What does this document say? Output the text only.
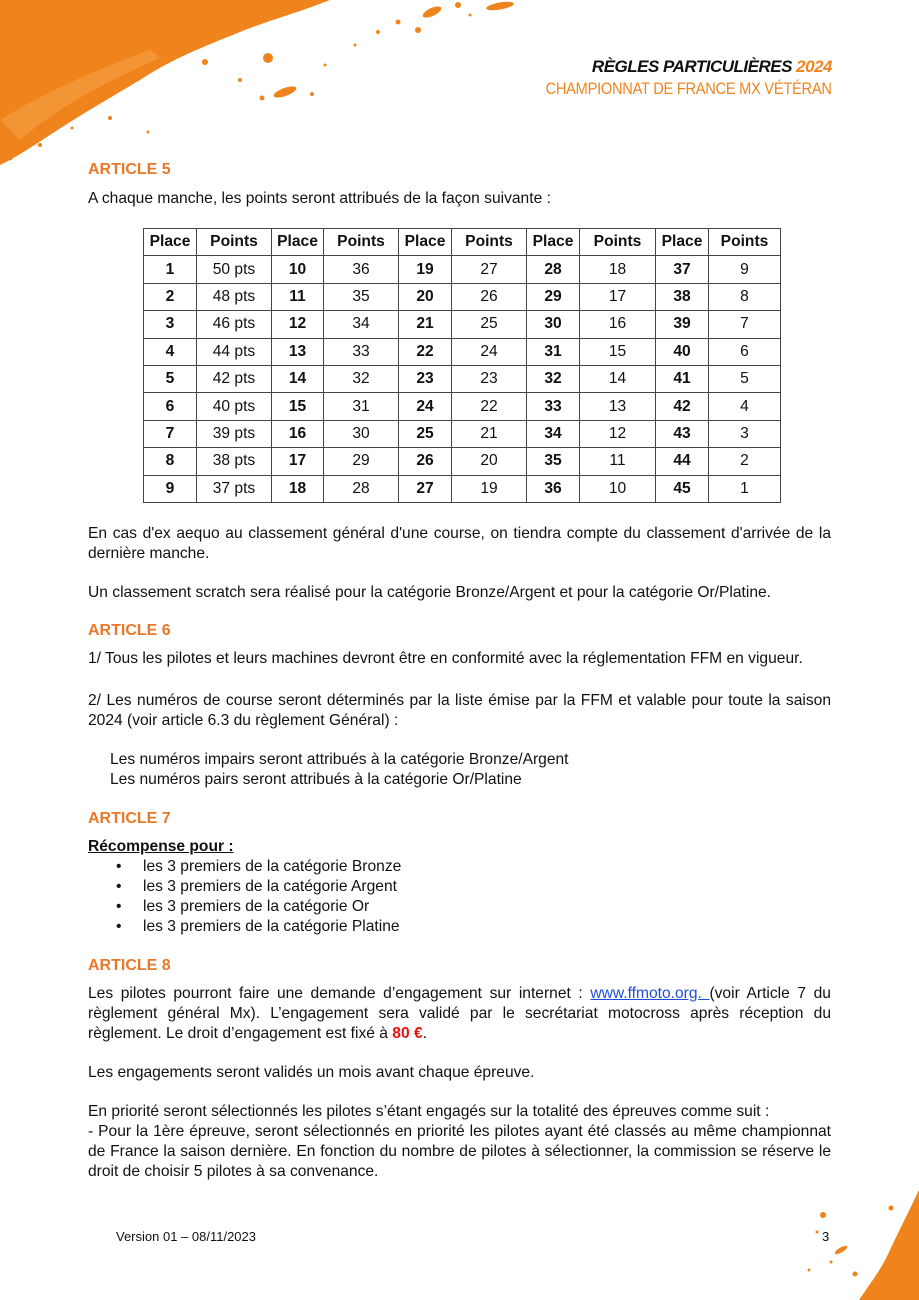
RÈGLES PARTICULIÈRES 2024
CHAMPIONNAT DE FRANCE MX VÉTÉRAN
ARTICLE 5

A chaque manche, les points seront attribués de la façon suivante :

Place	Points	Place	Points	Place	Points	Place	Points	Place	Points
1	50 pts	10	36	19	27	28	18	37	9
2	48 pts	11	35	20	26	29	17	38	8
3	46 pts	12	34	21	25	30	16	39	7
4	44 pts	13	33	22	24	31	15	40	6
5	42 pts	14	32	23	23	32	14	41	5
6	40 pts	15	31	24	22	33	13	42	4
7	39 pts	16	30	25	21	34	12	43	3
8	38 pts	17	29	26	20	35	11	44	2
9	37 pts	18	28	27	19	36	10	45	1

En cas d'ex aequo au classement général d'une course, on tiendra compte du classement d'arrivée de la dernière manche.

Un classement scratch sera réalisé pour la catégorie Bronze/Argent et pour la catégorie Or/Platine.

ARTICLE 6

1/ Tous les pilotes et leurs machines devront être en conformité avec la réglementation FFM en vigueur.

2/ Les numéros de course seront déterminés par la liste émise par la FFM et valable pour toute la saison 2024 (voir article 6.3 du règlement Général) :

Les numéros impairs seront attribués à la catégorie Bronze/Argent

Les numéros pairs seront attribués à la catégorie Or/Platine

ARTICLE 7

Récompense pour :

• les 3 premiers de la catégorie Bronze
• les 3 premiers de la catégorie Argent
• les 3 premiers de la catégorie Or
• les 3 premiers de la catégorie Platine
ARTICLE 8

Les pilotes pourront faire une demande d’engagement sur internet : www.ffmoto.org. (voir Article 7 du règlement général Mx). L’engagement sera validé par le secrétariat motocross après réception du règlement. Le droit d’engagement est fixé à 80 €.

Les engagements seront validés un mois avant chaque épreuve.

En priorité seront sélectionnés les pilotes s’étant engagés sur la totalité des épreuves comme suit :
- Pour la 1ère épreuve, seront sélectionnés en priorité les pilotes ayant été classés au même championnat de France la saison dernière. En fonction du nombre de pilotes à sélectionner, la commission se réserve le droit de choisir 5 pilotes à sa convenance.

Version 01 – 08/11/2023	3
